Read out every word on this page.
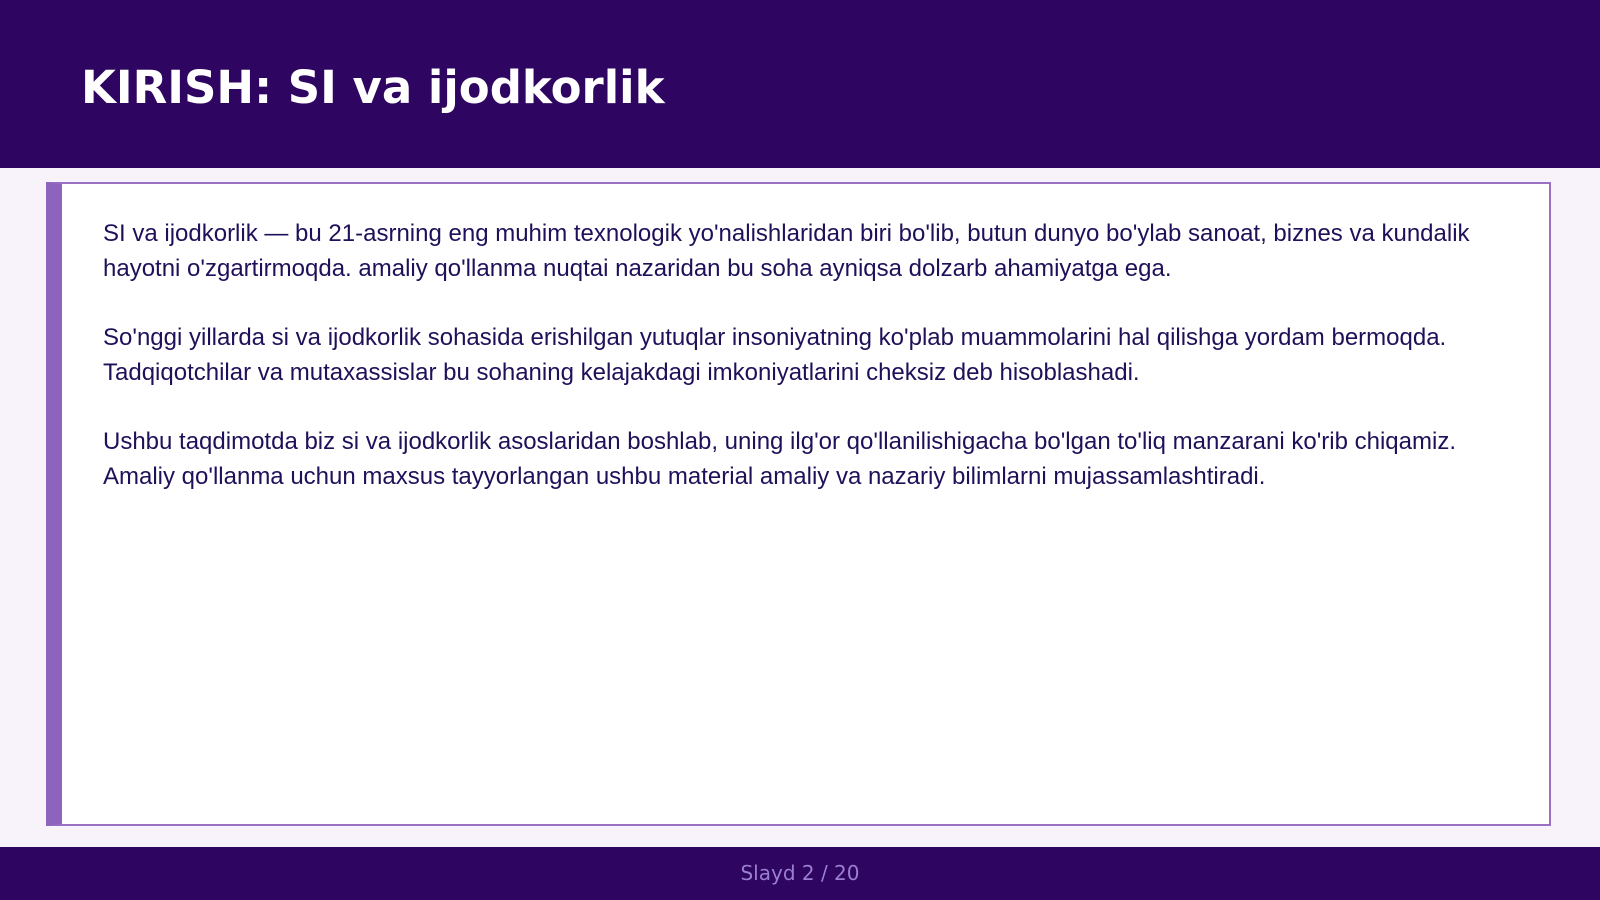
KIRISH: SI va ijodkorlik

SI va ijodkorlik — bu 21-asrning eng muhim texnologik yo'nalishlaridan biri bo'lib, butun dunyo bo'ylab sanoat, biznes va kundalik hayotni o'zgartirmoqda. amaliy qo'llanma nuqtai nazaridan bu soha ayniqsa dolzarb ahamiyatga ega.

So'nggi yillarda si va ijodkorlik sohasida erishilgan yutuqlar insoniyatning ko'plab muammolarini hal qilishga yordam bermoqda. Tadqiqotchilar va mutaxassislar bu sohaning kelajakdagi imkoniyatlarini cheksiz deb hisoblashadi.

Ushbu taqdimotda biz si va ijodkorlik asoslaridan boshlab, uning ilg'or qo'llanilishigacha bo'lgan to'liq manzarani ko'rib chiqamiz. Amaliy qo'llanma uchun maxsus tayyorlangan ushbu material amaliy va nazariy bilimlarni mujassamlashtiradi.

Slayd 2 / 20
